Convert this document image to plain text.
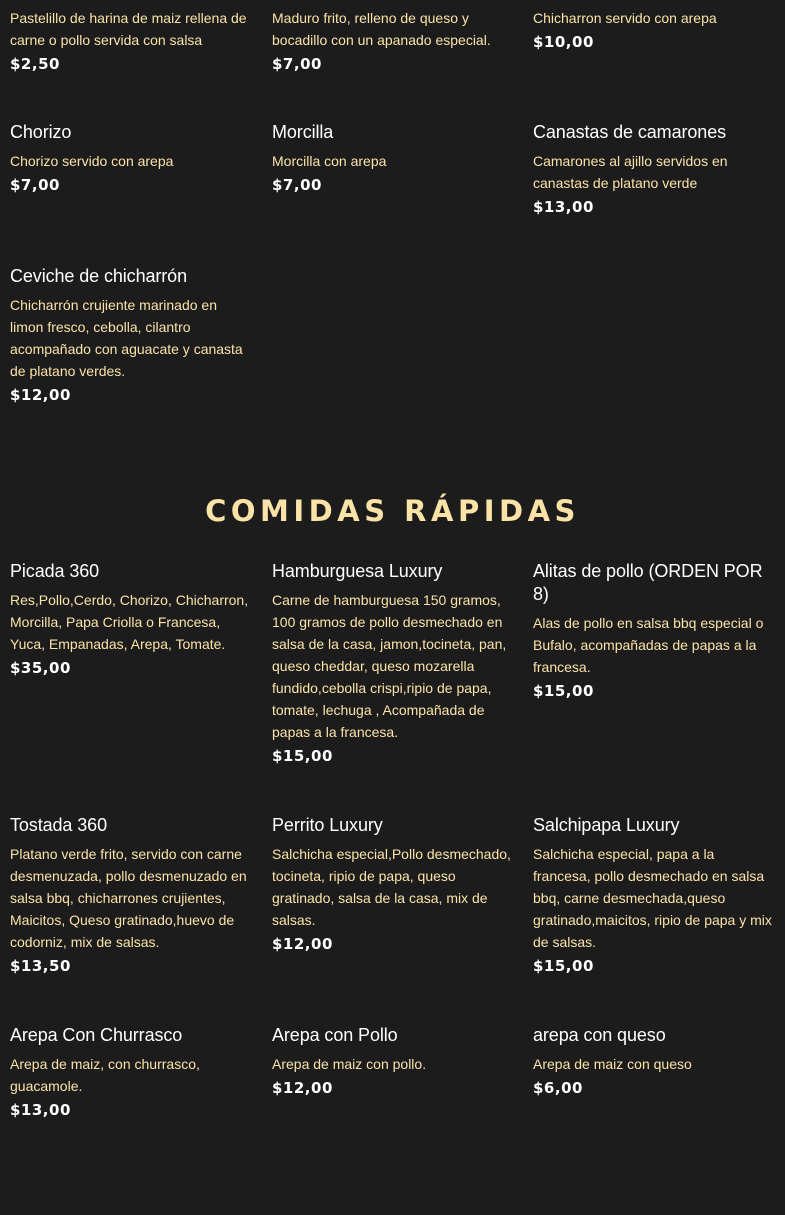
Pastelillo de harina de maiz rellena de carne o pollo servida con salsa

$2,50

Maduro frito, relleno de queso y bocadillo con un apanado especial.

$7,00

Chicharron servido con arepa

$10,00
Chorizo

Chorizo servido con arepa

$7,00
Morcilla

Morcilla con arepa

$7,00
Canastas de camarones

Camarones al ajillo servidos en canastas de platano verde

$13,00
Ceviche de chicharrón

Chicharrón crujiente marinado en limon fresco, cebolla, cilantro acompañado con aguacate y canasta de platano verdes.

$12,00
COMIDAS RÁPIDAS
Picada 360

Res,Pollo,Cerdo, Chorizo, Chicharron, Morcilla, Papa Criolla o Francesa, Yuca, Empanadas, Arepa, Tomate.

$35,00
Hamburguesa Luxury

Carne de hamburguesa 150 gramos, 100 gramos de pollo desmechado en salsa de la casa, jamon,tocineta, pan, queso cheddar, queso mozarella fundido,cebolla crispi,ripio de papa, tomate, lechuga , Acompañada de papas a la francesa.

$15,00
Alitas de pollo (ORDEN POR 8)

Alas de pollo en salsa bbq especial o Bufalo, acompañadas de papas a la francesa.

$15,00
Tostada 360

Platano verde frito, servido con carne desmenuzada, pollo desmenuzado en salsa bbq, chicharrones crujientes, Maicitos, Queso gratinado,huevo de codorniz, mix de salsas.

$13,50
Perrito Luxury

Salchicha especial,Pollo desmechado, tocineta, ripio de papa, queso gratinado, salsa de la casa, mix de salsas.

$12,00
Salchipapa Luxury

Salchicha especial, papa a la francesa, pollo desmechado en salsa bbq, carne desmechada,queso gratinado,maicitos, ripio de papa y mix de salsas.

$15,00
Arepa Con Churrasco

Arepa de maiz, con churrasco, guacamole.

$13,00
Arepa con Pollo

Arepa de maiz con pollo.

$12,00
arepa con queso

Arepa de maiz con queso

$6,00
